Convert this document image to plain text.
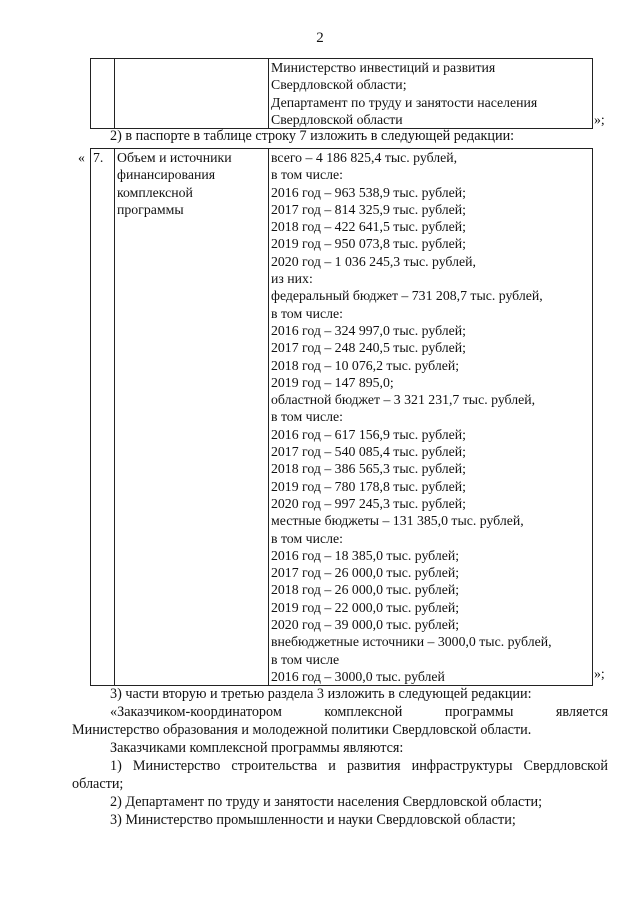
2

Министерство инвестиций и развития
Свердловской области;
Департамент по труду и занятости населения
Свердловской области	»;
2) в паспорте в таблице строку 7 изложить в следующей редакции:
« 7.	Объем и источники
финансирования
комплексной
программы

всего – 4 186 825,4 тыс. рублей,
в том числе:
2016 год – 963 538,9 тыс. рублей;
2017 год – 814 325,9 тыс. рублей;
2018 год – 422 641,5 тыс. рублей;
2019 год – 950 073,8 тыс. рублей;
2020 год – 1 036 245,3 тыс. рублей,
из них:
федеральный бюджет – 731 208,7 тыс. рублей,
в том числе:
2016 год – 324 997,0 тыс. рублей;
2017 год – 248 240,5 тыс. рублей;
2018 год – 10 076,2 тыс. рублей;
2019 год – 147 895,0;
областной бюджет – 3 321 231,7 тыс. рублей,
в том числе:
2016 год – 617 156,9 тыс. рублей;
2017 год – 540 085,4 тыс. рублей;
2018 год – 386 565,3 тыс. рублей;
2019 год – 780 178,8 тыс. рублей;
2020 год – 997 245,3 тыс. рублей;
местные бюджеты – 131 385,0 тыс. рублей,
в том числе:
2016 год – 18 385,0 тыс. рублей;
2017 год – 26 000,0 тыс. рублей;
2018 год – 26 000,0 тыс. рублей;
2019 год – 22 000,0 тыс. рублей;
2020 год – 39 000,0 тыс. рублей;
внебюджетные источники – 3000,0 тыс. рублей,
в том числе
2016 год – 3000,0 тыс. рублей	»;
3) части вторую и третью раздела 3 изложить в следующей редакции:
«Заказчиком-координатором комплексной программы является
Министерство образования и молодежной политики Свердловской области.
Заказчиками комплексной программы являются:
1) Министерство строительства и развития инфраструктуры Свердловской
области;
2) Департамент по труду и занятости населения Свердловской области;
3) Министерство промышленности и науки Свердловской области;
